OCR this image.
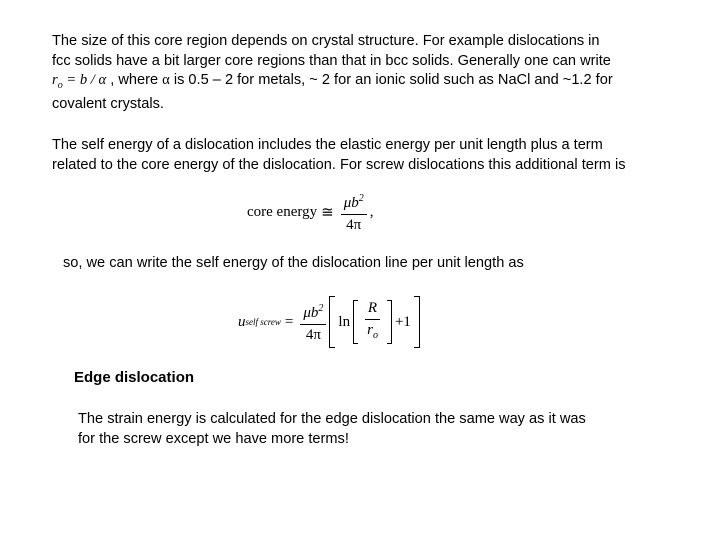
The size of this core region depends on crystal structure. For example dislocations in
fcc solids have a bit larger core regions than that in bcc solids. Generally one can write
$r_o = b / \alpha$ , where α is 0.5 – 2 for metals, ~ 2 for an ionic solid such as NaCl and ~1.2 for
covalent crystals.
The self energy of a dislocation includes the elastic energy per unit length plus a term
related to the core energy of the dislocation. For screw dislocations this additional term is
core energy ≅ $\frac{\mu b^2}{4\pi}$ ,
so, we can write the self energy of the dislocation line per unit length as
u self screw = $\frac{\mu b^2}{4\pi}$ $\ln \frac{R}{r_o} +1$
Edge dislocation
The strain energy is calculated for the edge dislocation the same way as it was
for the screw except we have more terms!
